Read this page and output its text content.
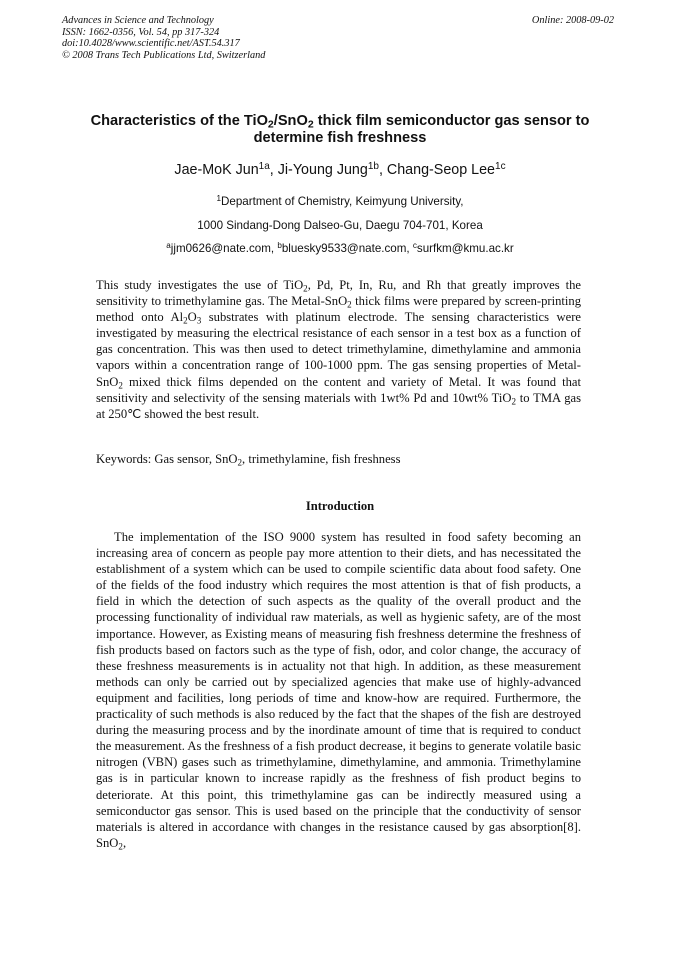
Advances in Science and Technology
ISSN: 1662-0356, Vol. 54, pp 317-324
doi:10.4028/www.scientific.net/AST.54.317
© 2008 Trans Tech Publications Ltd, Switzerland
Online: 2008-09-02
Characteristics of the TiO$_2$/SnO$_2$ thick film semiconductor gas sensor to determine fish freshness
Jae-MoK Jun$^{1a}$, Ji-Young Jung$^{1b}$, Chang-Seop Lee$^{1c}$
$^1$Department of Chemistry, Keimyung University,
1000 Sindang-Dong Dalseo-Gu, Daegu 704-701, Korea
$^a$jjm0626@nate.com, $^b$bluesky9533@nate.com, $^c$surfkm@kmu.ac.kr
This study investigates the use of TiO$_2$, Pd, Pt, In, Ru, and Rh that greatly improves the sensitivity to trimethylamine gas. The Metal-SnO$_2$ thick films were prepared by screen-printing method onto $Al_2O_3$ substrates with platinum electrode. The sensing characteristics were investigated by measuring the electrical resistance of each sensor in a test box as a function of gas concentration. This was then used to detect trimethylamine, dimethylamine and ammonia vapors within a concentration range of 100-1000 ppm. The gas sensing properties of Metal-SnO$_2$ mixed thick films depended on the content and variety of Metal. It was found that sensitivity and selectivity of the sensing materials with 1wt% Pd and 10wt% TiO$_2$ to TMA gas at 250℃ showed the best result.
Keywords: Gas sensor, SnO$_2$, trimethylamine, fish freshness
Introduction
The implementation of the ISO 9000 system has resulted in food safety becoming an increasing area of concern as people pay more attention to their diets, and has necessitated the establishment of a system which can be used to compile scientific data about food safety. One of the fields of the food industry which requires the most attention is that of fish products, a field in which the detection of such aspects as the quality of the overall product and the processing functionality of individual raw materials, as well as hygienic safety, are of the most importance. However, as Existing means of measuring fish freshness determine the freshness of fish products based on factors such as the type of fish, odor, and color change, the accuracy of these freshness measurements is in actuality not that high. In addition, as these measurement methods can only be carried out by specialized agencies that make use of highly-advanced equipment and facilities, long periods of time and know-how are required. Furthermore, the practicality of such methods is also reduced by the fact that the shapes of the fish are destroyed during the measuring process and by the inordinate amount of time that is required to conduct the measurement. As the freshness of a fish product decrease, it begins to generate volatile basic nitrogen (VBN) gases such as trimethylamine, dimethylamine, and ammonia. Trimethylamine gas is in particular known to increase rapidly as the freshness of fish product begins to deteriorate. At this point, this trimethylamine gas can be indirectly measured using a semiconductor gas sensor. This is used based on the principle that the conductivity of sensor materials is altered in accordance with changes in the resistance caused by gas absorption[8]. SnO$_2$,
